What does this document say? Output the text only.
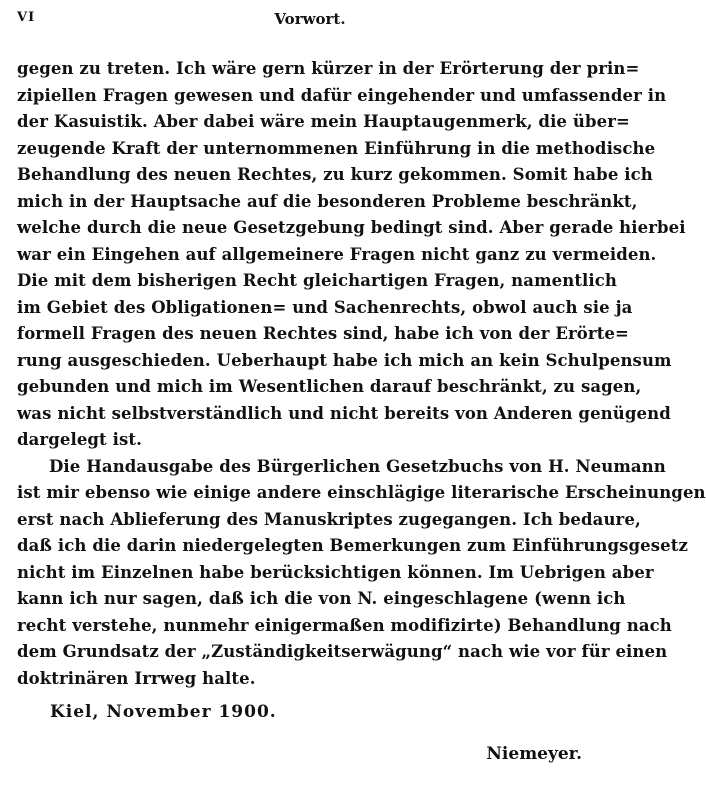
VI	Vorwort.
gegen zu treten. Ich wäre gern kürzer in der Erörterung der prin=
zipiellen Fragen gewesen und dafür eingehender und umfassender in
der Kasuistik. Aber dabei wäre mein Hauptaugenmerk, die über=
zeugende Kraft der unternommenen Einführung in die methodische
Behandlung des neuen Rechtes, zu kurz gekommen. Somit habe ich
mich in der Hauptsache auf die besonderen Probleme beschränkt,
welche durch die neue Gesetzgebung bedingt sind. Aber gerade hierbei
war ein Eingehen auf allgemeinere Fragen nicht ganz zu vermeiden.
Die mit dem bisherigen Recht gleichartigen Fragen, namentlich
im Gebiet des Obligationen= und Sachenrechts, obwol auch sie ja
formell Fragen des neuen Rechtes sind, habe ich von der Erörte=
rung ausgeschieden. Ueberhaupt habe ich mich an kein Schulpensum
gebunden und mich im Wesentlichen darauf beschränkt, zu sagen,
was nicht selbstverständlich und nicht bereits von Anderen genügend
dargelegt ist.
Die Handausgabe des Bürgerlichen Gesetzbuchs von H. Neumann
ist mir ebenso wie einige andere einschlägige literarische Erscheinungen
erst nach Ablieferung des Manuskriptes zugegangen. Ich bedaure,
daß ich die darin niedergelegten Bemerkungen zum Einführungsgesetz
nicht im Einzelnen habe berücksichtigen können. Im Uebrigen aber
kann ich nur sagen, daß ich die von N. eingeschlagene (wenn ich
recht verstehe, nunmehr einigermaßen modifizirte) Behandlung nach
dem Grundsatz der „Zuständigkeitserwägung“ nach wie vor für einen
doktrinären Irrweg halte.
Kiel, November 1900.
Niemeyer.
